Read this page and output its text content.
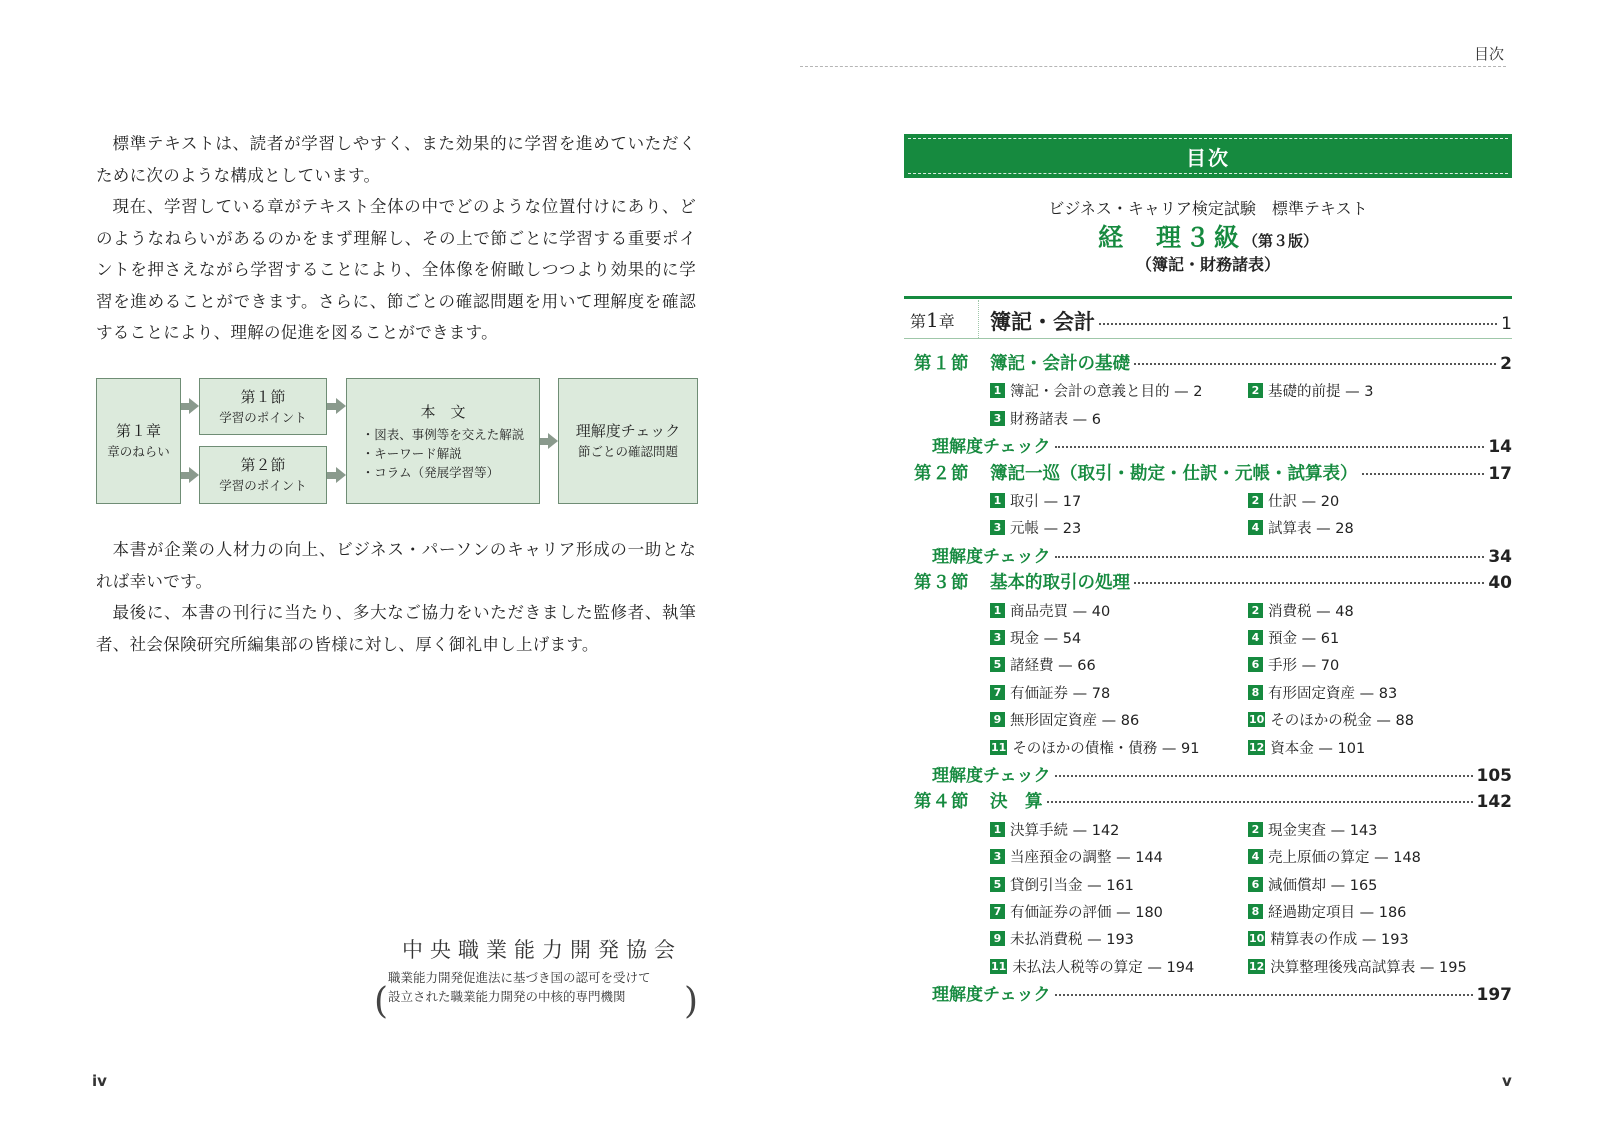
標準テキストは、読者が学習しやすく、また効果的に学習を進めていただくために次のような構成としています。

現在、学習している章がテキスト全体の中でどのような位置付けにあり、どのようなねらいがあるのかをまず理解し、その上で節ごとに学習する重要ポイントを押さえながら学習することにより、全体像を俯瞰しつつより効果的に学習を進めることができます。さらに、節ごとの確認問題を用いて理解度を確認することにより、理解の促進を図ることができます。

第１章
章のねらい
第１節
学習のポイント
第２節
学習のポイント
本　文
・図表、事例等を交えた解説
・キーワード解説
・コラム（発展学習等）
理解度チェック
節ごとの確認問題

本書が企業の人材力の向上、ビジネス・パーソンのキャリア形成の一助となれば幸いです。

最後に、本書の刊行に当たり、多大なご協力をいただきました監修者、執筆者、社会保険研究所編集部の皆様に対し、厚く御礼申し上げます。

中央職業能力開発協会
(	)
職業能力開発促進法に基づき国の認可を受けて
設立された職業能力開発の中核的専門機関
iv
目次
目次
ビジネス・キャリア検定試験　標準テキスト
経　理３級（第３版）
（簿記・財務諸表）
第1章 簿記・会計	1
第１節	簿記・会計の基礎	2
1 簿記・会計の意義と目的 — 2	2 基礎的前提 — 3
3 財務諸表 — 6
理解度チェック	14
第２節	簿記一巡（取引・勘定・仕訳・元帳・試算表）	17
1 取引 — 17	2 仕訳 — 20
3 元帳 — 23	4 試算表 — 28
理解度チェック	34
第３節	基本的取引の処理	40
1 商品売買 — 40	2 消費税 — 48
3 現金 — 54	4 預金 — 61
5 諸経費 — 66	6 手形 — 70
7 有価証券 — 78	8 有形固定資産 — 83
9 無形固定資産 — 86	10 そのほかの税金 — 88
11 そのほかの債権・債務 — 91	12 資本金 — 101
理解度チェック	105
第４節	決　算	142
1 決算手続 — 142	2 現金実査 — 143
3 当座預金の調整 — 144	4 売上原価の算定 — 148
5 貸倒引当金 — 161	6 減価償却 — 165
7 有価証券の評価 — 180	8 経過勘定項目 — 186
9 未払消費税 — 193	10 精算表の作成 — 193
11 未払法人税等の算定 — 194	12 決算整理後残高試算表 — 195
理解度チェック	197
v
